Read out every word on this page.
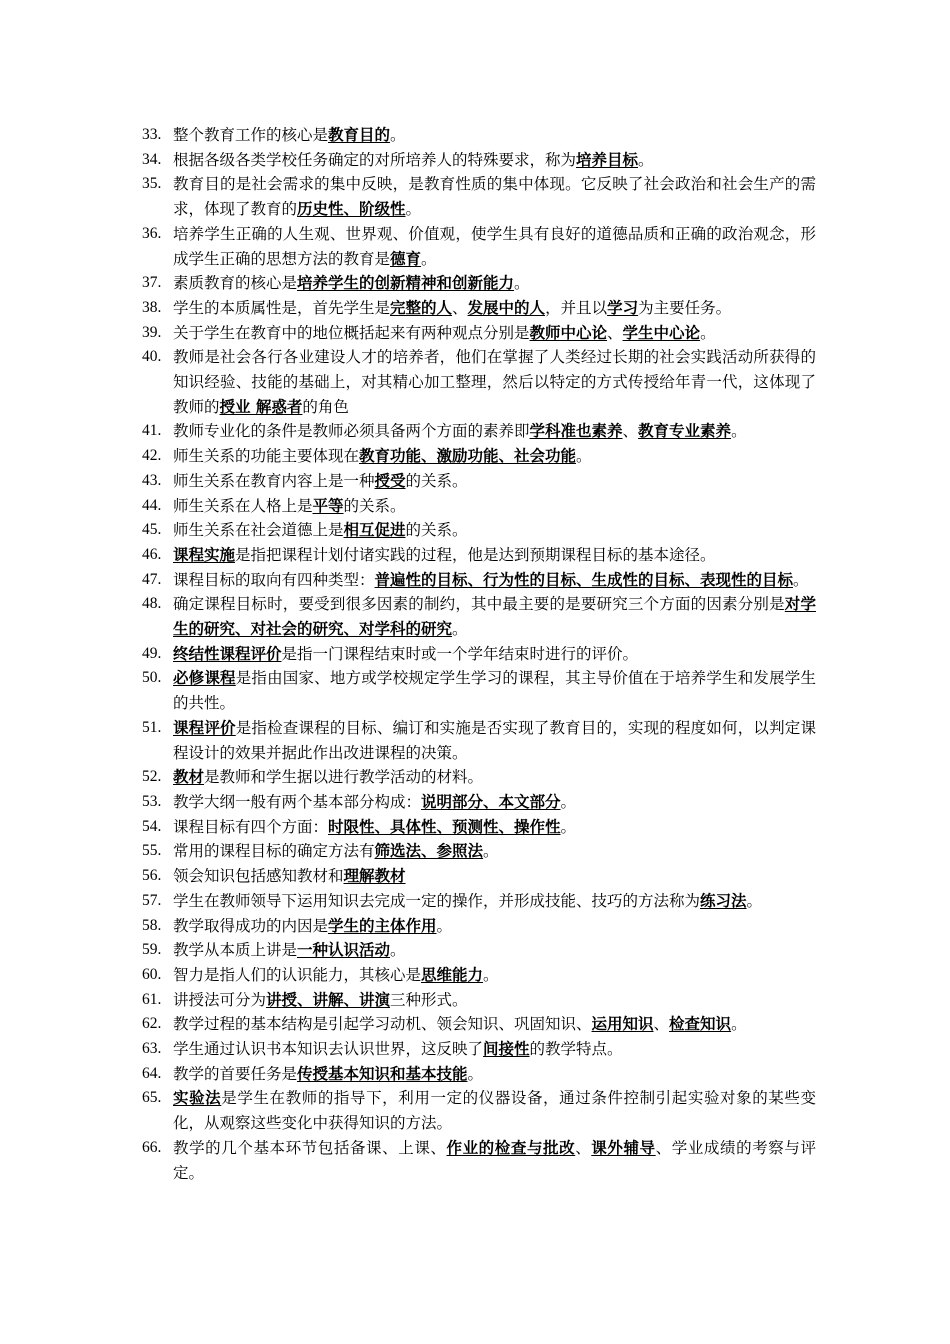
33. 整个教育工作的核心是教育目的。
34. 根据各级各类学校任务确定的对所培养人的特殊要求，称为培养目标。
35. 教育目的是社会需求的集中反映，是教育性质的集中体现。它反映了社会政治和社会生产的需求，体现了教育的历史性、阶级性。
36. 培养学生正确的人生观、世界观、价值观，使学生具有良好的道德品质和正确的政治观念，形成学生正确的思想方法的教育是德育。
37. 素质教育的核心是培养学生的创新精神和创新能力。
38. 学生的本质属性是，首先学生是完整的人、发展中的人，并且以学习为主要任务。
39. 关于学生在教育中的地位概括起来有两种观点分别是教师中心论、学生中心论。
40. 教师是社会各行各业建设人才的培养者，他们在掌握了人类经过长期的社会实践活动所获得的知识经验、技能的基础上，对其精心加工整理，然后以特定的方式传授给年青一代，这体现了教师的授业 解惑者的角色
41. 教师专业化的条件是教师必须具备两个方面的素养即学科准也素养、教育专业素养。
42. 师生关系的功能主要体现在教育功能、激励功能、社会功能。
43. 师生关系在教育内容上是一种授受的关系。
44. 师生关系在人格上是平等的关系。
45. 师生关系在社会道德上是相互促进的关系。
46. 课程实施是指把课程计划付诸实践的过程，他是达到预期课程目标的基本途径。
47. 课程目标的取向有四种类型：普遍性的目标、行为性的目标、生成性的目标、表现性的目标。
48. 确定课程目标时，要受到很多因素的制约，其中最主要的是要研究三个方面的因素分别是对学生的研究、对社会的研究、对学科的研究。
49. 终结性课程评价是指一门课程结束时或一个学年结束时进行的评价。
50. 必修课程是指由国家、地方或学校规定学生学习的课程，其主导价值在于培养学生和发展学生的共性。
51. 课程评价是指检查课程的目标、编订和实施是否实现了教育目的，实现的程度如何，以判定课程设计的效果并据此作出改进课程的决策。
52. 教材是教师和学生据以进行教学活动的材料。
53. 教学大纲一般有两个基本部分构成：说明部分、本文部分。
54. 课程目标有四个方面：时限性、具体性、预测性、操作性。
55. 常用的课程目标的确定方法有筛选法、参照法。
56. 领会知识包括感知教材和理解教材
57. 学生在教师领导下运用知识去完成一定的操作，并形成技能、技巧的方法称为练习法。
58. 教学取得成功的内因是学生的主体作用。
59. 教学从本质上讲是一种认识活动。
60. 智力是指人们的认识能力，其核心是思维能力。
61. 讲授法可分为讲授、讲解、讲演三种形式。
62. 教学过程的基本结构是引起学习动机、领会知识、巩固知识、运用知识、检查知识。
63. 学生通过认识书本知识去认识世界，这反映了间接性的教学特点。
64. 教学的首要任务是传授基本知识和基本技能。
65. 实验法是学生在教师的指导下，利用一定的仪器设备，通过条件控制引起实验对象的某些变化，从观察这些变化中获得知识的方法。
66. 教学的几个基本环节包括备课、上课、作业的检查与批改、课外辅导、学业成绩的考察与评定。
